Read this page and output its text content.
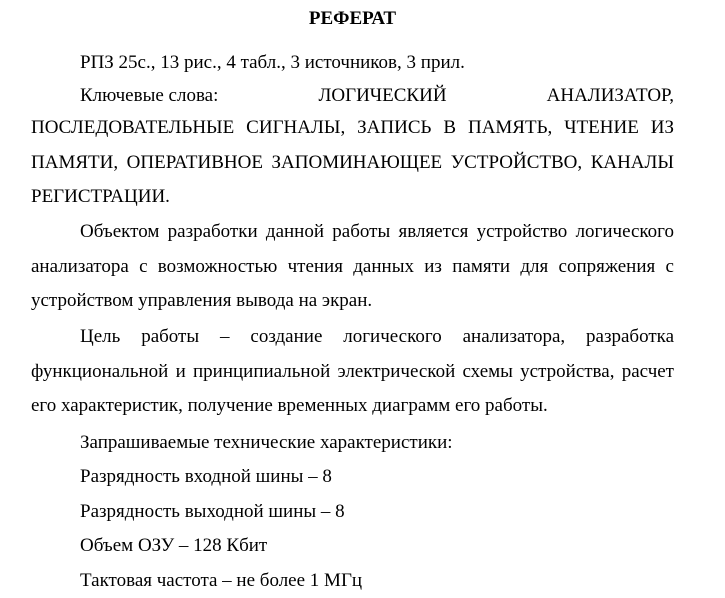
РЕФЕРАТ

РПЗ 25с., 13 рис., 4 табл., 3 источников, 3 прил.

Ключевые слова:	ЛОГИЧЕСКИЙ	АНАЛИЗАТОР,

ПОСЛЕДОВАТЕЛЬНЫЕ СИГНАЛЫ, ЗАПИСЬ В ПАМЯТЬ, ЧТЕНИЕ ИЗ ПАМЯТИ, ОПЕРАТИВНОЕ ЗАПОМИНАЮЩЕЕ УСТРОЙСТВО, КАНАЛЫ РЕГИСТРАЦИИ.

Объектом разработки данной работы является устройство логического анализатора с возможностью чтения данных из памяти для сопряжения с устройством управления вывода на экран.

Цель работы – создание логического анализатора, разработка функциональной и принципиальной электрической схемы устройства, расчет его характеристик, получение временных диаграмм его работы.

Запрашиваемые технические характеристики:

Разрядность входной шины – 8

Разрядность выходной шины – 8

Объем ОЗУ – 128 Кбит

Тактовая частота – не более 1 МГц
